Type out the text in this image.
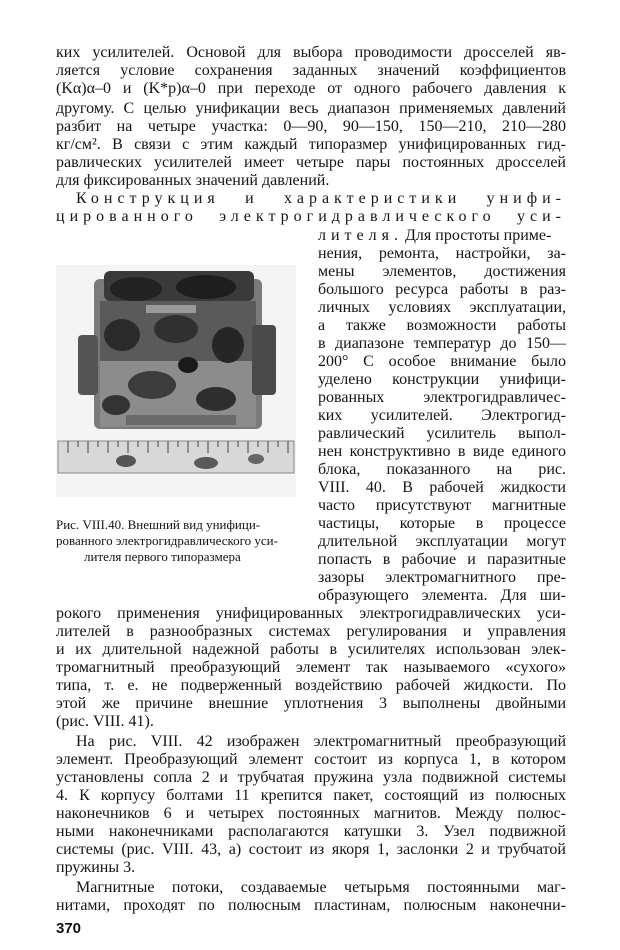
ких усилителей. Основой для выбора проводимости дросселей яв-
ляется условие сохранения заданных значений коэффициентов
(Kα)α–0 и (K*p)α–0 при переходе от одного рабочего давления к
другому. С целью унификации весь диапазон применяемых давлений
разбит на четыре участка: 0—90, 90—150, 150—210, 210—280
кг/см². В связи с этим каждый типоразмер унифицированных гид-
равлических усилителей имеет четыре пары постоянных дросселей
для фиксированных значений давлений.
Конструкция и характеристики унифи-
цированного электрогидравлического уси-
лителя. Для простоты приме-
нения, ремонта, настройки, за-
мены элементов, достижения
большого ресурса работы в раз-
личных условиях эксплуатации,
а также возможности работы
в диапазоне температур до 150—
200° С особое внимание было
уделено конструкции унифици-
рованных электрогидравличес-
ких усилителей. Электрогид-
равлический усилитель выпол-
нен конструктивно в виде единого
блока, показанного на рис.
VIII. 40. В рабочей жидкости
часто присутствуют магнитные
частицы, которые в процессе
длительной эксплуатации могут
попасть в рабочие и паразитные
зазоры электромагнитного пре-
образующего элемента. Для ши-
Рис. VIII.40. Внешний вид унифици-
рованного электрогидравлического уси-
лителя первого типоразмера
рокого применения унифицированных электрогидравлических уси-
лителей в разнообразных системах регулирования и управления
и их длительной надежной работы в усилителях использован элек-
тромагнитный преобразующий элемент так называемого «сухого»
типа, т. е. не подверженный воздействию рабочей жидкости. По
этой же причине внешние уплотнения 3 выполнены двойными
(рис. VIII. 41).
На рис. VIII. 42 изображен электромагнитный преобразующий
элемент. Преобразующий элемент состоит из корпуса 1, в котором
установлены сопла 2 и трубчатая пружина узла подвижной системы
4. К корпусу болтами 11 крепится пакет, состоящий из полюсных
наконечников 6 и четырех постоянных магнитов. Между полюс-
ными наконечниками располагаются катушки 3. Узел подвижной
системы (рис. VIII. 43, а) состоит из якоря 1, заслонки 2 и трубчатой
пружины 3.
Магнитные потоки, создаваемые четырьмя постоянными маг-
нитами, проходят по полюсным пластинам, полюсным наконечни-
370
